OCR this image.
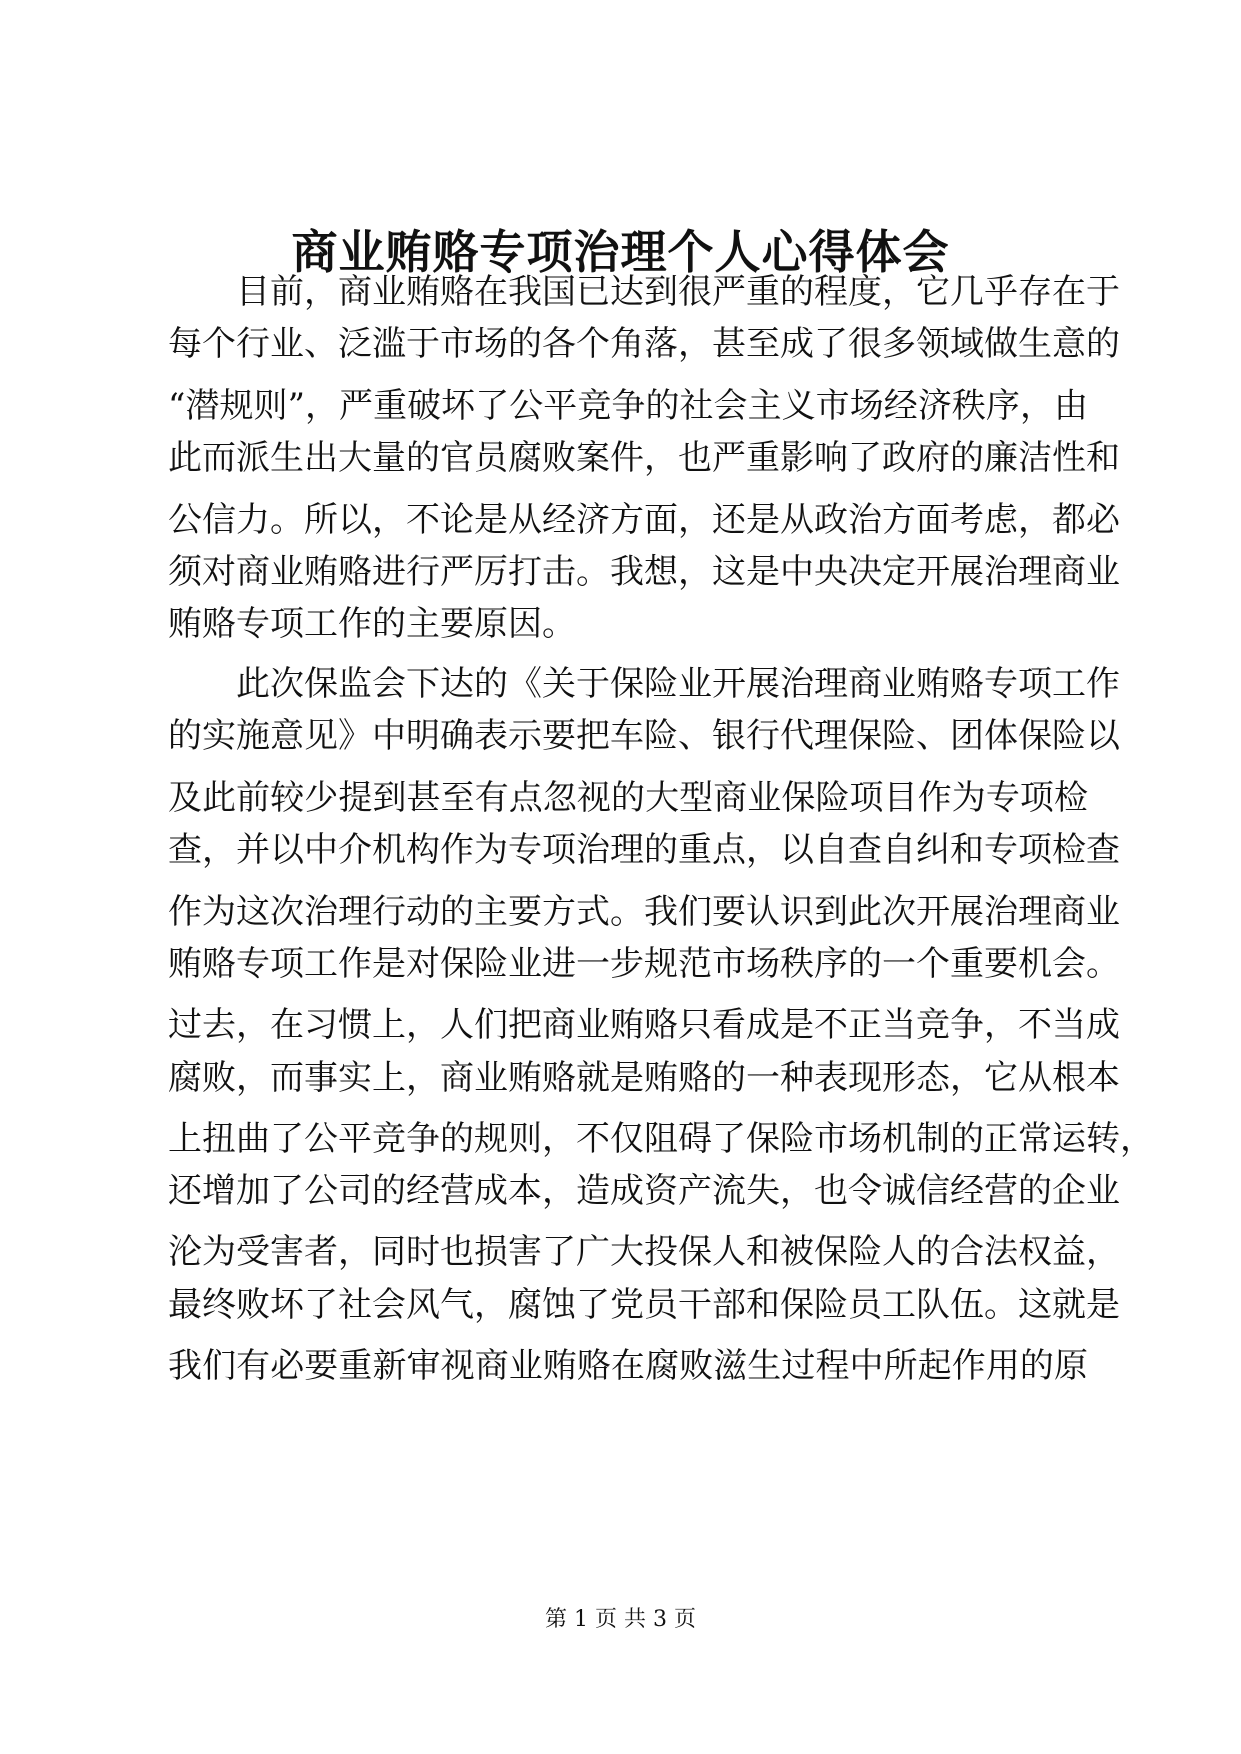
商业贿赂专项治理个人心得体会

目前，商业贿赂在我国已达到很严重的程度，它几乎存在于

每个行业、泛滥于市场的各个角落，甚至成了很多领域做生意的

“潜规则”，严重破坏了公平竞争的社会主义市场经济秩序，由

此而派生出大量的官员腐败案件，也严重影响了政府的廉洁性和

公信力。所以，不论是从经济方面，还是从政治方面考虑，都必

须对商业贿赂进行严厉打击。我想，这是中央决定开展治理商业

贿赂专项工作的主要原因。

此次保监会下达的《关于保险业开展治理商业贿赂专项工作

的实施意见》中明确表示要把车险、银行代理保险、团体保险以

及此前较少提到甚至有点忽视的大型商业保险项目作为专项检

查，并以中介机构作为专项治理的重点，以自查自纠和专项检查

作为这次治理行动的主要方式。我们要认识到此次开展治理商业

贿赂专项工作是对保险业进一步规范市场秩序的一个重要机会。

过去，在习惯上，人们把商业贿赂只看成是不正当竞争，不当成

腐败，而事实上，商业贿赂就是贿赂的一种表现形态，它从根本

上扭曲了公平竞争的规则，不仅阻碍了保险市场机制的正常运转，

还增加了公司的经营成本，造成资产流失，也令诚信经营的企业

沦为受害者，同时也损害了广大投保人和被保险人的合法权益，

最终败坏了社会风气，腐蚀了党员干部和保险员工队伍。这就是

我们有必要重新审视商业贿赂在腐败滋生过程中所起作用的原

第 1 页 共 3 页
